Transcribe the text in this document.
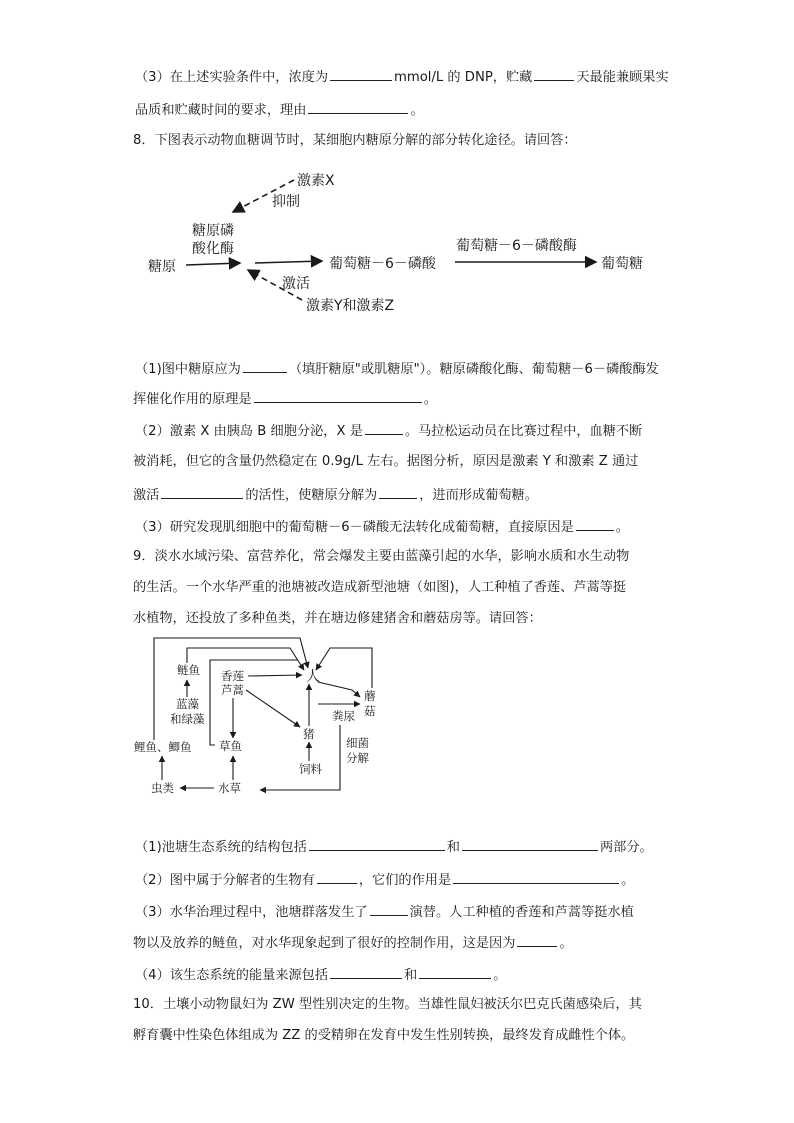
（3）在上述实验条件中，浓度为	mmol/L 的 DNP，贮藏	天最能兼顾果实
品质和贮藏时间的要求，理由	。
8．下图表示动物血糖调节时，某细胞内糖原分解的部分转化途径。请回答：
激素X
抑制
糖原磷
酸化酶
糖原	葡萄糖－6－磷酸
葡萄糖－6－磷酸酶
葡萄糖
激活
激素Y和激素Z
（1)图中糖原应为	（填肝糖原"或肌糖原"）。糖原磷酸化酶、葡萄糖－6－磷酸酶发
挥催化作用的原理是	。
（2）激素 X 由胰岛 B 细胞分泌，X 是	。马拉松运动员在比赛过程中，血糖不断
被消耗，但它的含量仍然稳定在 0.9g/L 左右。据图分析，原因是激素 Y 和激素 Z 通过
激活	的活性，使糖原分解为	，进而形成葡萄糖。
（3）研究发现肌细胞中的葡萄糖－6－磷酸无法转化成葡萄糖，直接原因是	。
9．淡水水域污染、富营养化，常会爆发主要由蓝藻引起的水华，影响水质和水生动物
的生活。一个水华严重的池塘被改造成新型池塘（如图)，人工种植了香莲、芦蒿等挺
水植物，还投放了多种鱼类，并在塘边修建猪舍和蘑菇房等。请回答：
鲢鱼
蓝藻
和绿藻
鲤鱼、鲫鱼
香莲
芦蒿
草鱼
人
猪
饲料
粪尿
蘑
菇
细菌
分解
虫类	水草
（1)池塘生态系统的结构包括	和	两部分。
（2）图中属于分解者的生物有	，它们的作用是	。
（3）水华治理过程中，池塘群落发生了	演替。人工种植的香莲和芦蒿等挺水植
物以及放养的鲢鱼，对水华现象起到了很好的控制作用，这是因为	。
（4）该生态系统的能量来源包括	和	。
10．土壤小动物鼠妇为 ZW 型性别决定的生物。当雄性鼠妇被沃尔巴克氏菌感染后，其
孵育囊中性染色体组成为 ZZ 的受精卵在发育中发生性别转换，最终发育成雌性个体。
